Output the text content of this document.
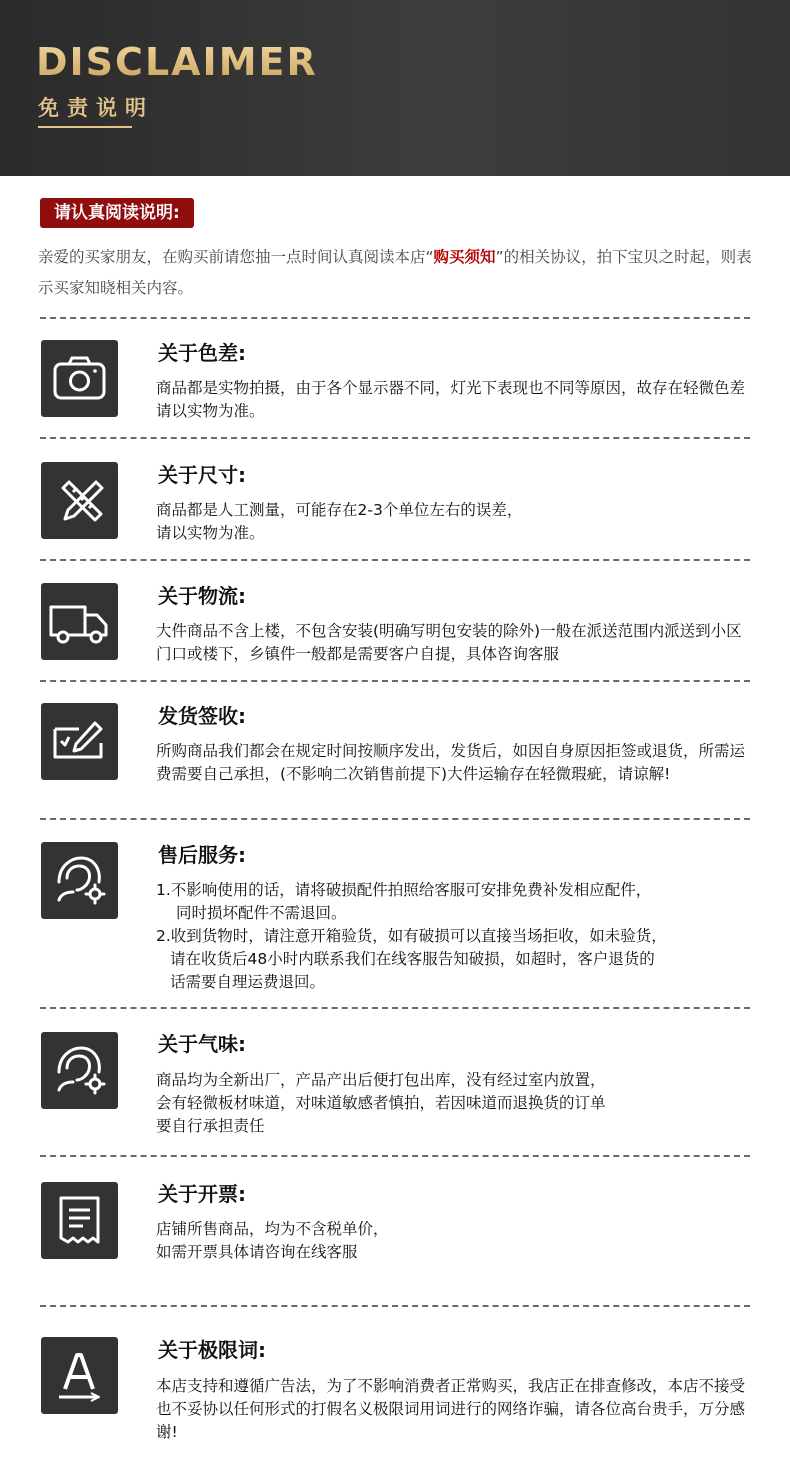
DISCLAIMER
免责说明
请认真阅读说明:
亲爱的买家朋友，在购买前请您抽一点时间认真阅读本店“购买须知”的相关协议，拍下宝贝之时起，则表示买家知晓相关内容。
关于色差:

商品都是实物拍摄，由于各个显示器不同，灯光下表现也不同等原因，故存在轻微色差请以实物为准。

关于尺寸:

商品都是人工测量，可能存在2-3个单位左右的误差，

请以实物为准。

关于物流:

大件商品不含上楼，不包含安装(明确写明包安装的除外)一般在派送范围内派送到小区门口或楼下，乡镇件一般都是需要客户自提，具体咨询客服

发货签收:

所购商品我们都会在规定时间按顺序发出，发货后，如因自身原因拒签或退货，所需运费需要自己承担，(不影响二次销售前提下)大件运输存在轻微瑕疵，请谅解!

售后服务:

1.不影响使用的话，请将破损配件拍照给客服可安排免费补发相应配件，

同时损坏配件不需退回。

2.收到货物时，请注意开箱验货，如有破损可以直接当场拒收，如未验货，

请在收货后48小时内联系我们在线客服告知破损，如超时，客户退货的

话需要自理运费退回。

关于气味:

商品均为全新出厂，产品产出后便打包出库，没有经过室内放置，

会有轻微板材味道，对味道敏感者慎拍，若因味道而退换货的订单

要自行承担责任

关于开票:

店铺所售商品，均为不含税单价，

如需开票具体请咨询在线客服

关于极限词:

本店支持和遵循广告法，为了不影响消费者正常购买，我店正在排查修改，本店不接受也不妥协以任何形式的打假名义极限词用词进行的网络诈骗，请各位高台贵手，万分感谢!
